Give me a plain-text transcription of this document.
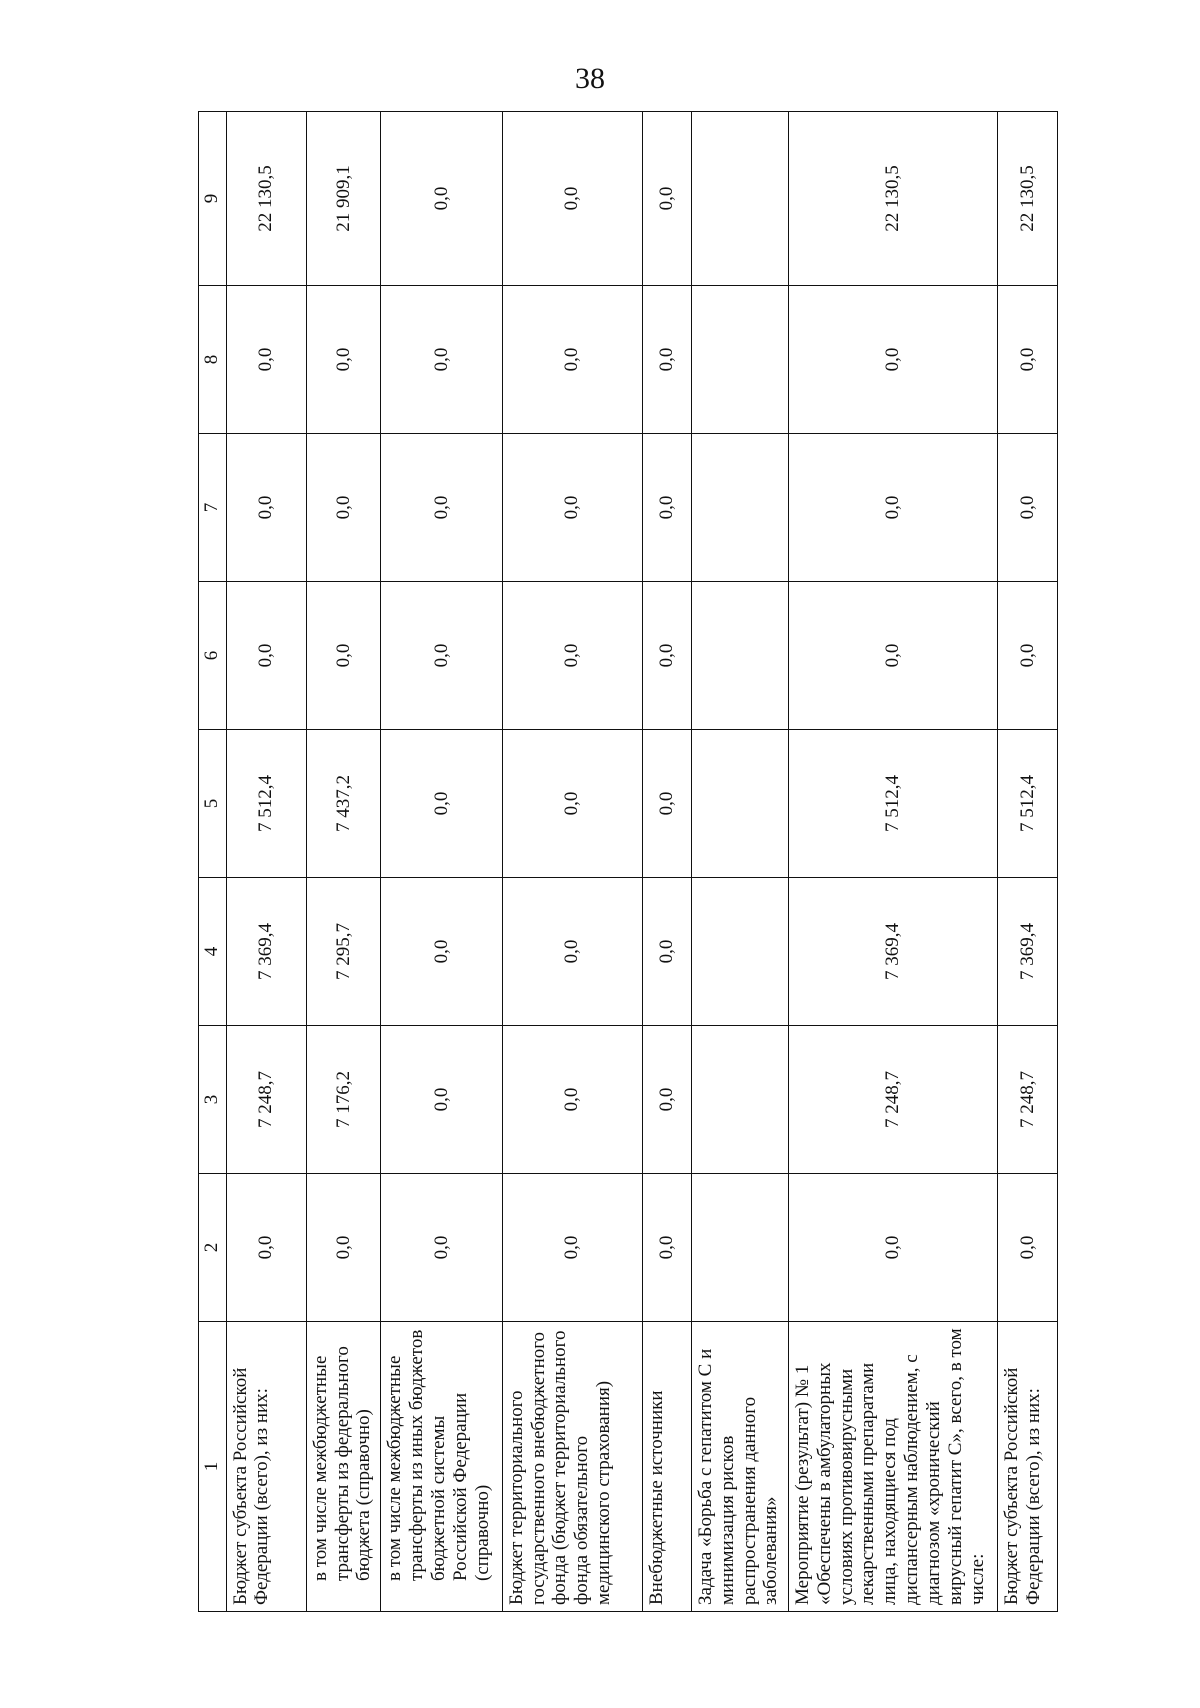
38
1	2	3	4	5	6	7	8	9
Бюджет субъекта Российской Федерации (всего), из них:	0,0	7 248,7	7 369,4	7 512,4	0,0	0,0	0,0	22 130,5
в том числе межбюджетные трансферты из федерального бюджета (справочно)	0,0	7 176,2	7 295,7	7 437,2	0,0	0,0	0,0	21 909,1
в том числе межбюджетные трансферты из иных бюджетов бюджетной системы Российской Федерации (справочно)	0,0	0,0	0,0	0,0	0,0	0,0	0,0	0,0
Бюджет территориального государственного внебюджетного фонда (бюджет территориального фонда обязательного медицинского страхования)	0,0	0,0	0,0	0,0	0,0	0,0	0,0	0,0
Внебюджетные источники	0,0	0,0	0,0	0,0	0,0	0,0	0,0	0,0
Задача «Борьба с гепатитом С и минимизация рисков распространения данного заболевания»								
Мероприятие (результат) № 1 «Обеспечены в амбулаторных условиях противовирусными лекарственными препаратами лица, находящиеся под диспансерным наблюдением, с диагнозом «хронический вирусный гепатит С», всего, в том числе:	0,0	7 248,7	7 369,4	7 512,4	0,0	0,0	0,0	22 130,5
Бюджет субъекта Российской Федерации (всего), из них:	0,0	7 248,7	7 369,4	7 512,4	0,0	0,0	0,0	22 130,5
